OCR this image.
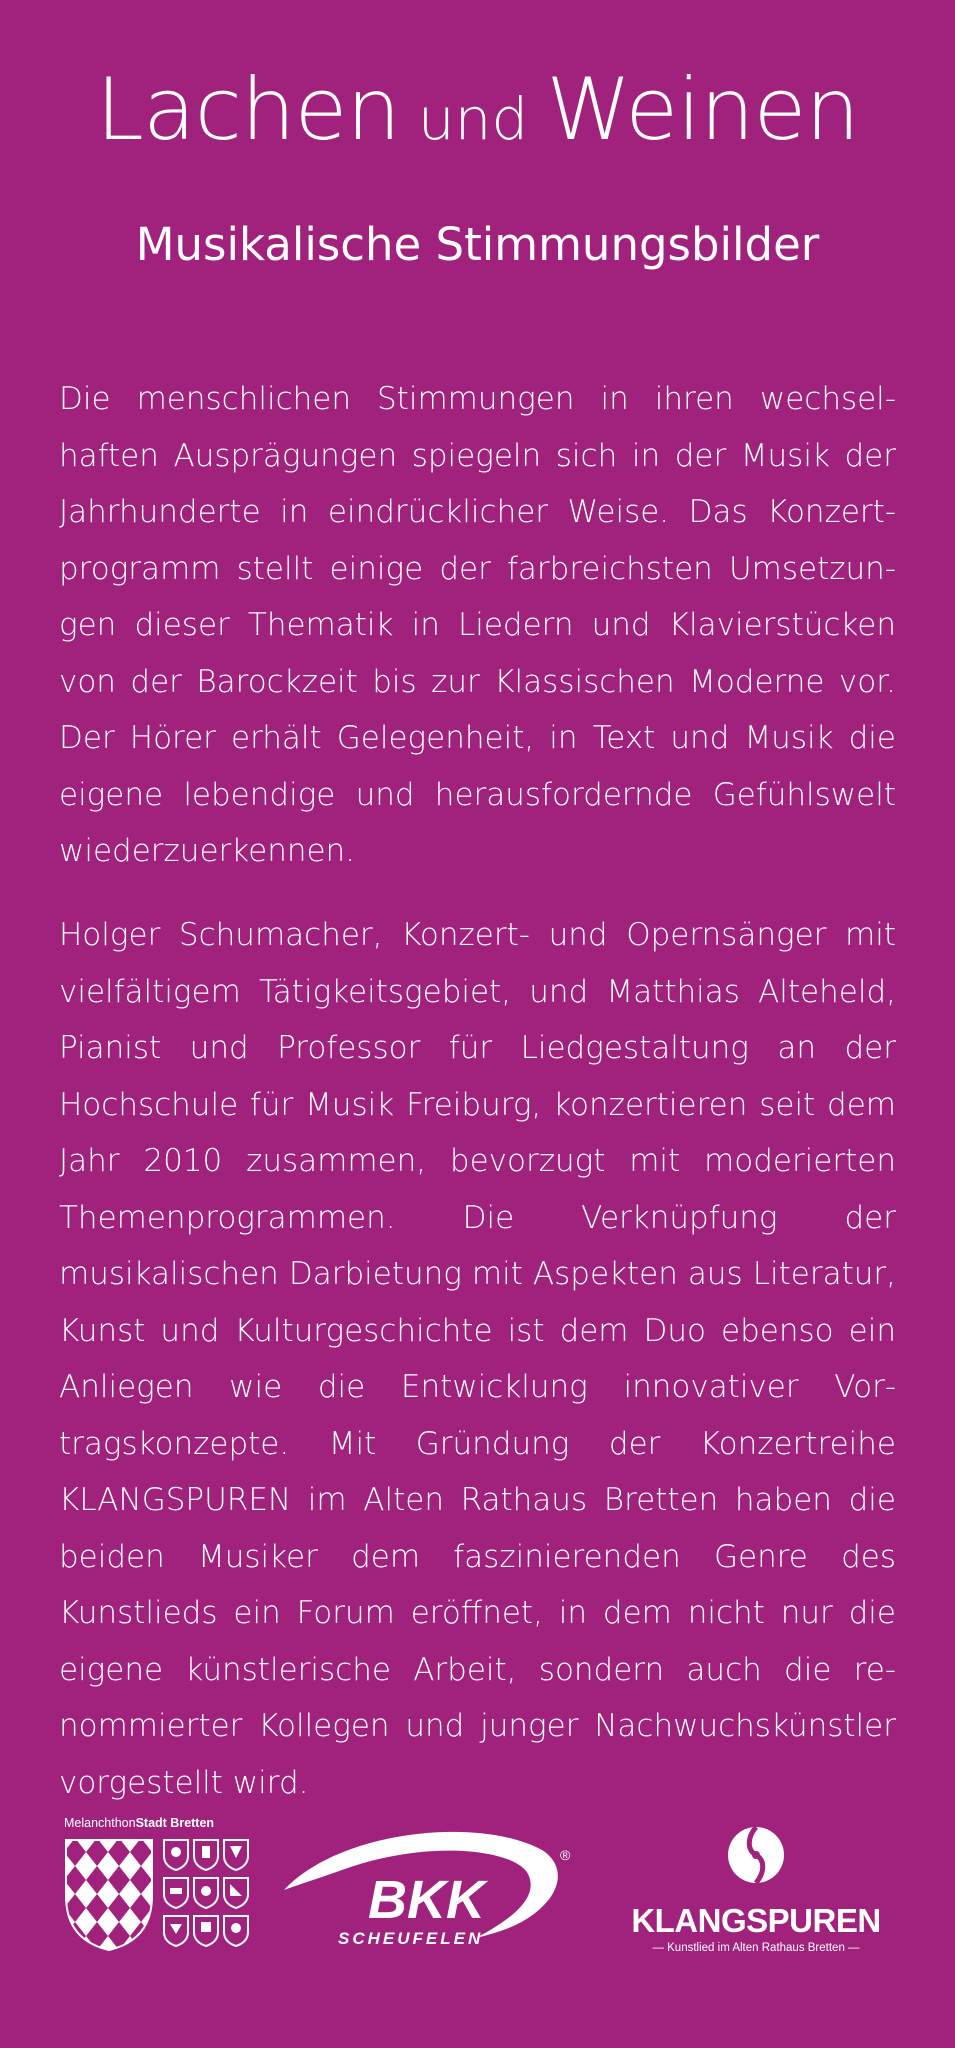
Lachen und Weinen
Musikalische Stimmungsbilder

Die menschlichen Stimmungen in ihren wechselhaften Ausprägungen spiegeln sich in der Musik der Jahrhunderte in eindrücklicher Weise. Das Konzertprogramm stellt einige der farbreichsten Umsetzungen dieser Thematik in Liedern und Klavierstücken von der Barockzeit bis zur Klassischen Moderne vor. Der Hörer erhält Gelegenheit, in Text und Musik die eigene lebendige und herausfordernde Gefühlswelt wiederzuerkennen.

Holger Schumacher, Konzert- und Opernsänger mit vielfältigem Tätigkeitsgebiet, und Matthias Alteheld, Pianist und Professor für Liedgestaltung an der Hochschule für Musik Freiburg, konzertieren seit dem Jahr 2010 zusammen, bevorzugt mit moderierten Themenprogrammen. Die Verknüpfung der musikalischen Darbietung mit Aspekten aus Literatur, Kunst und Kulturgeschichte ist dem Duo ebenso ein Anliegen wie die Entwicklung innovativer Vortragskonzepte. Mit Gründung der Konzertreihe KLANGSPUREN im Alten Rathaus Bretten haben die beiden Musiker dem faszinierenden Genre des Kunstlieds ein Forum eröffnet, in dem nicht nur die eigene künstlerische Arbeit, sondern auch die renommierter Kollegen und junger Nachwuchskünstler vorgestellt wird.

MelanchthonStadt Bretten
BKK
SCHEUFELEN
®
KLANGSPUREN
— Kunstlied im Alten Rathaus Bretten —
